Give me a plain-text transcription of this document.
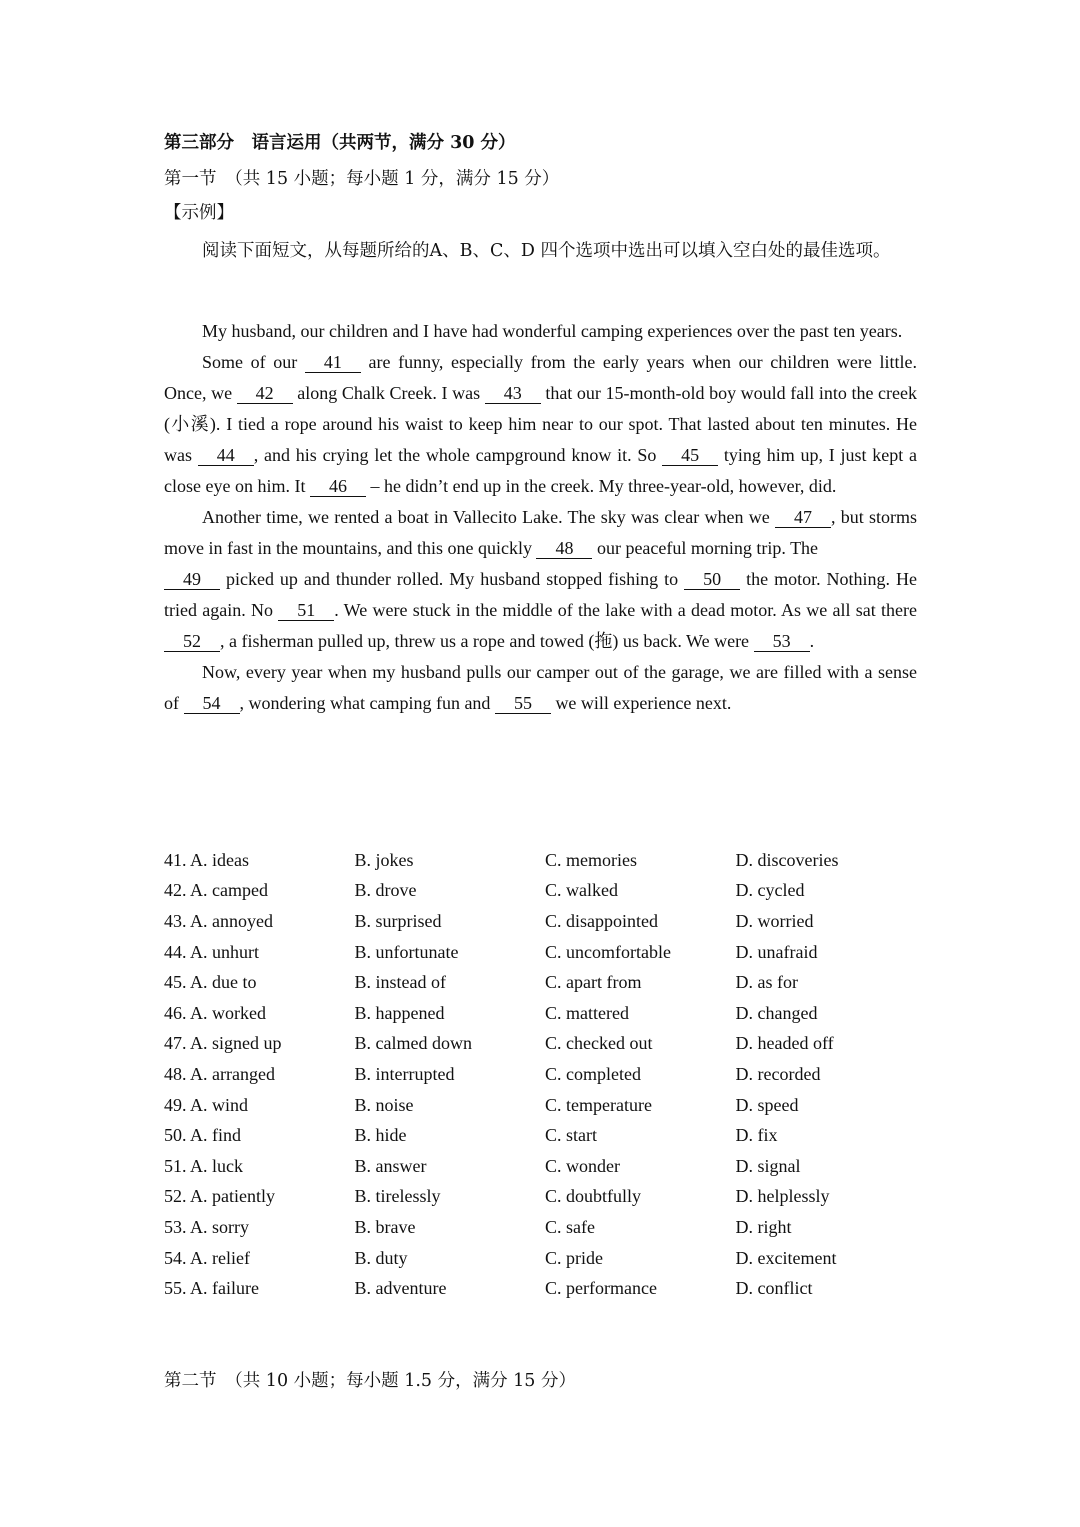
第三部分　语言运用（共两节，满分 30 分）
第一节　（共 15 小题；每小题 1 分，满分 15 分）
【示例】
阅读下面短文，从每题所给的A、B、C、D 四个选项中选出可以填入空白处的最佳选项。

My husband, our children and I have had wonderful camping experiences over the past ten years.

Some of our 41 are funny, especially from the early years when our children were little. Once, we 42 along Chalk Creek. I was 43 that our 15-month-old boy would fall into the creek (小溪). I tied a rope around his waist to keep him near to our spot. That lasted about ten minutes. He was 44 , and his crying let the whole campground know it. So 45 tying him up, I just kept a close eye on him. It 46 – he didn’t end up in the creek. My three-year-old, however, did.

Another time, we rented a boat in Vallecito Lake. The sky was clear when we 47 , but storms move in fast in the mountains, and this one quickly 48 our peaceful morning trip. The

49 picked up and thunder rolled. My husband stopped fishing to 50 the motor. Nothing. He tried again. No 51 . We were stuck in the middle of the lake with a dead motor. As we all sat there 52 , a fisherman pulled up, threw us a rope and towed (拖) us back. We were 53 .

Now, every year when my husband pulls our camper out of the garage, we are filled with a sense of 54 , wondering what camping fun and 55 we will experience next.

41. A. ideas	B. jokes	C. memories	D. discoveries
42. A. camped	B. drove	C. walked	D. cycled
43. A. annoyed	B. surprised	C. disappointed	D. worried
44. A. unhurt	B. unfortunate	C. uncomfortable	D. unafraid
45. A. due to	B. instead of	C. apart from	D. as for
46. A. worked	B. happened	C. mattered	D. changed
47. A. signed up	B. calmed down	C. checked out	D. headed off
48. A. arranged	B. interrupted	C. completed	D. recorded
49. A. wind	B. noise	C. temperature	D. speed
50. A. find	B. hide	C. start	D. fix
51. A. luck	B. answer	C. wonder	D. signal
52. A. patiently	B. tirelessly	C. doubtfully	D. helplessly
53. A. sorry	B. brave	C. safe	D. right
54. A. relief	B. duty	C. pride	D. excitement
55. A. failure	B. adventure	C. performance	D. conflict
第二节　（共 10 小题；每小题 1.5 分，满分 15 分）
